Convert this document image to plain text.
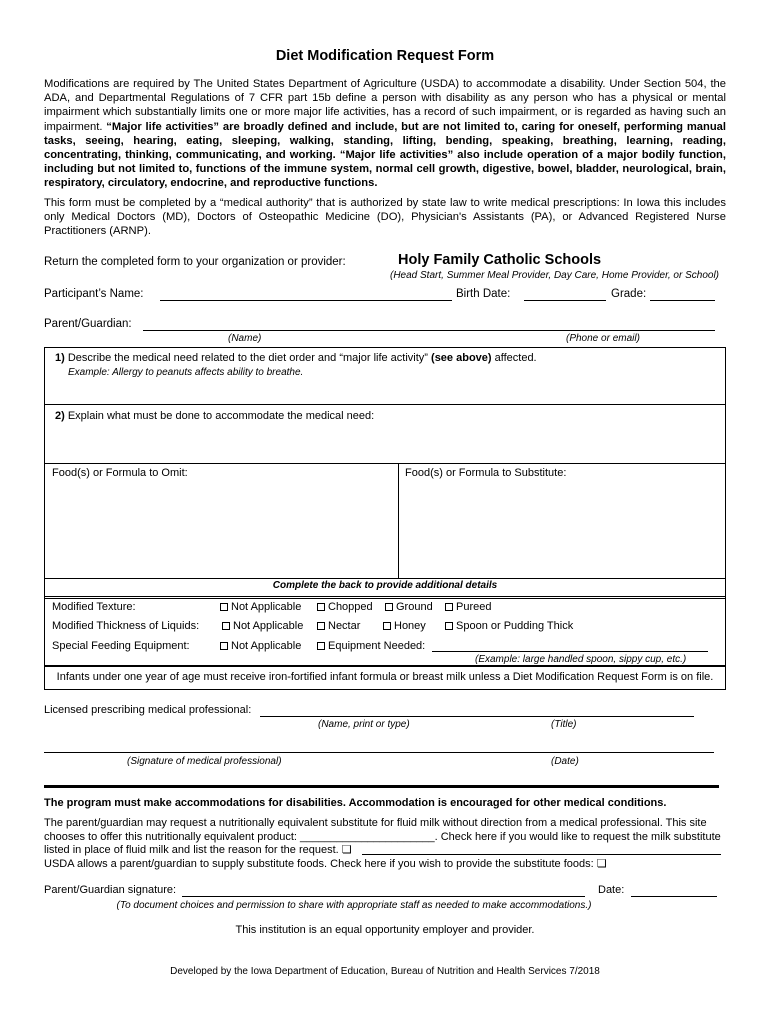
Diet Modification Request Form
Modifications are required by The United States Department of Agriculture (USDA) to accommodate a disability. Under Section 504, the ADA, and Departmental Regulations of 7 CFR part 15b define a person with disability as any person who has a physical or mental impairment which substantially limits one or more major life activities, has a record of such impairment, or is regarded as having such an impairment. “Major life activities” are broadly defined and include, but are not limited to, caring for oneself, performing manual tasks, seeing, hearing, eating, sleeping, walking, standing, lifting, bending, speaking, breathing, learning, reading, concentrating, thinking, communicating, and working. “Major life activities” also include operation of a major bodily function, including but not limited to, functions of the immune system, normal cell growth, digestive, bowel, bladder, neurological, brain, respiratory, circulatory, endocrine, and reproductive functions.
This form must be completed by a “medical authority” that is authorized by state law to write medical prescriptions: In Iowa this includes only Medical Doctors (MD), Doctors of Osteopathic Medicine (DO), Physician's Assistants (PA), or Advanced Registered Nurse Practitioners (ARNP).
Return the completed form to your organization or provider:	Holy Family Catholic Schools
(Head Start, Summer Meal Provider, Day Care, Home Provider, or School)
Participant’s Name:	Birth Date:	Grade:
Parent/Guardian:
(Name)	(Phone or email)
1) Describe the medical need related to the diet order and “major life activity” (see above) affected.
Example: Allergy to peanuts affects ability to breathe.
2) Explain what must be done to accommodate the medical need:
Food(s) or Formula to Omit:	Food(s) or Formula to Substitute:
Complete the back to provide additional details
Modified Texture:	Not Applicable	Chopped	Ground	Pureed
Modified Thickness of Liquids:	Not Applicable	Nectar	Honey	Spoon or Pudding Thick
Special Feeding Equipment:	Not Applicable	Equipment Needed:
(Example: large handled spoon, sippy cup, etc.)
Infants under one year of age must receive iron-fortified infant formula or breast milk unless a Diet Modification Request Form is on file.
Licensed prescribing medical professional:
(Name, print or type)	(Title)
(Signature of medical professional)	(Date)
The program must make accommodations for disabilities. Accommodation is encouraged for other medical conditions.
The parent/guardian may request a nutritionally equivalent substitute for fluid milk without direction from a medical professional. This site
chooses to offer this nutritionally equivalent product: ______________________. Check here if you would like to request the milk substitute
listed in place of fluid milk and list the reason for the request. ❏
USDA allows a parent/guardian to supply substitute foods. Check here if you wish to provide the substitute foods: ❏
Parent/Guardian signature:	Date:
(To document choices and permission to share with appropriate staff as needed to make accommodations.)
This institution is an equal opportunity employer and provider.
Developed by the Iowa Department of Education, Bureau of Nutrition and Health Services 7/2018
